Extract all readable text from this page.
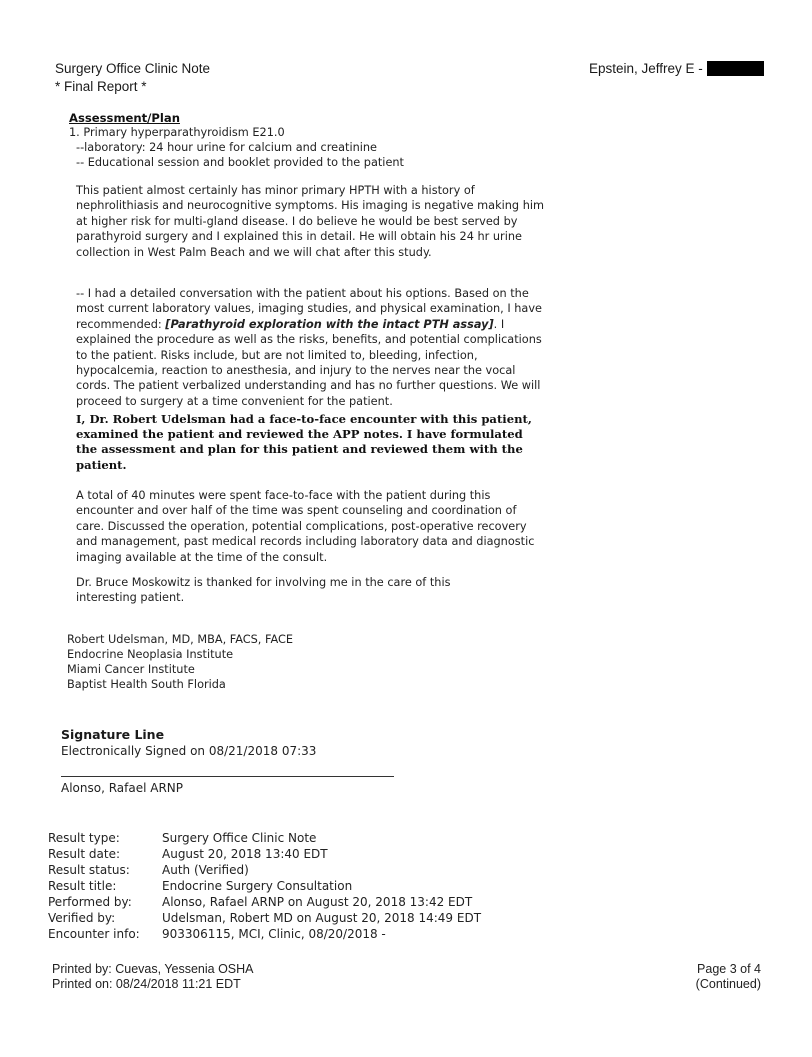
Surgery Office Clinic Note
* Final Report *
Epstein, Jeffrey E -
Assessment/Plan
1. Primary hyperparathyroidism E21.0
--laboratory: 24 hour urine for calcium and creatinine
-- Educational session and booklet provided to the patient
This patient almost certainly has minor primary HPTH with a history of nephrolithiasis and neurocognitive symptoms. His imaging is negative making him at higher risk for multi-gland disease. I do believe he would be best served by parathyroid surgery and I explained this in detail. He will obtain his 24 hr urine collection in West Palm Beach and we will chat after this study.
-- I had a detailed conversation with the patient about his options. Based on the most current laboratory values, imaging studies, and physical examination, I have recommended: [Parathyroid exploration with the intact PTH assay]. I explained the procedure as well as the risks, benefits, and potential complications to the patient. Risks include, but are not limited to, bleeding, infection, hypocalcemia, reaction to anesthesia, and injury to the nerves near the vocal cords. The patient verbalized understanding and has no further questions. We will proceed to surgery at a time convenient for the patient.
I, Dr. Robert Udelsman had a face-to-face encounter with this patient, examined the patient and reviewed the APP notes. I have formulated the assessment and plan for this patient and reviewed them with the patient.
A total of 40 minutes were spent face-to-face with the patient during this encounter and over half of the time was spent counseling and coordination of care. Discussed the operation, potential complications, post-operative recovery and management, past medical records including laboratory data and diagnostic imaging available at the time of the consult.
Dr. Bruce Moskowitz is thanked for involving me in the care of this interesting patient.
Robert Udelsman, MD, MBA, FACS, FACE
Endocrine Neoplasia Institute
Miami Cancer Institute
Baptist Health South Florida
Signature Line
Electronically Signed on 08/21/2018 07:33
Alonso, Rafael ARNP
Result type:	Surgery Office Clinic Note
Result date:	August 20, 2018 13:40 EDT
Result status:	Auth (Verified)
Result title:	Endocrine Surgery Consultation
Performed by:	Alonso, Rafael ARNP on August 20, 2018 13:42 EDT
Verified by:	Udelsman, Robert MD on August 20, 2018 14:49 EDT
Encounter info: 903306115, MCI, Clinic, 08/20/2018 -
Printed by: Cuevas, Yessenia OSHA
Printed on: 08/24/2018 11:21 EDT
Page 3 of 4
(Continued)
